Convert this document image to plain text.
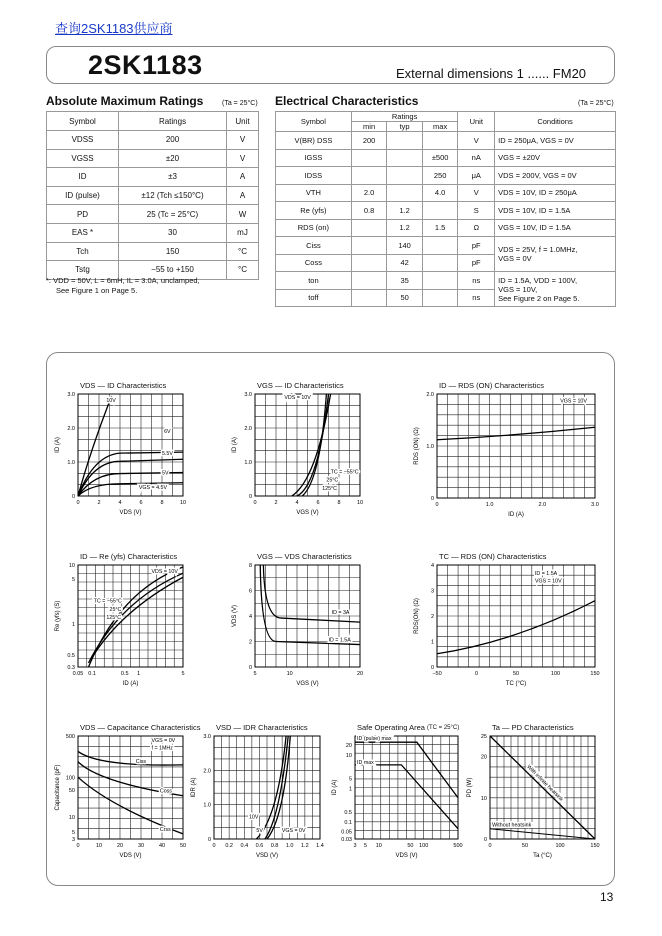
查询2SK1183供应商
2SK1183	External dimensions 1 ...... FM20
Absolute Maximum Ratings	(Ta = 25°C)
Symbol	Ratings	Unit
VDSS	200	V
VGSS	±20	V
ID	±3	A
ID (pulse)	±12 (Tch ≤150°C)	A
PD	25 (Tc = 25°C)	W
EAS *	30	mJ
Tch	150	°C
Tstg	−55 to +150	°C
*: VDD = 50V, L = 6mH, IL = 3.0A, unclamped,
See Figure 1 on Page 5.
Electrical Characteristics	(Ta = 25°C)
Symbol	Ratings			Unit	Conditions
	min	typ	max		
V(BR) DSS	200			V	ID = 250μA, VGS = 0V
IGSS			±500	nA	VGS = ±20V
IDSS			250	μA	VDS = 200V, VGS = 0V
VTH	2.0		4.0	V	VDS = 10V, ID = 250μA
Re (yfs)	0.8	1.2		S	VDS = 10V, ID = 1.5A
RDS (on)		1.2	1.5	Ω	VGS = 10V, ID = 1.5A
Ciss		140		pF	VDS = 25V, f = 1.0MHz,
VGS = 0V

Coss		42		pF	
ton		35		ns	ID = 1.5A, VDD = 100V,
VGS = 10V,
See Figure 2 on Page 5.

toff		50		ns	
0	2	4	6	8	10
0
1.0
2.0
3.0
VDS (V)
ID (A)
10V
6V
5.5V
5V
VGS = 4.5V
VDS — ID Characteristics
0	2	4	6	8	10
0
1.0
2.0
3.0
VGS (V)
ID (A)
VDS = 10V
TC = −55°C
25°C
125°C
VGS — ID Characteristics
0	1.0	2.0	3.0
0
1.0
2.0
ID (A)
RDS (ON) (Ω)
VGS = 10V
ID — RDS (ON) Characteristics
0.05 0.1	0.5 1	5
0.3
0.5
1
5
10
ID (A)
Re (yfs) (S)
VDS = 10V
TC = −55°C
25°C
125°C
ID — Re (yfs) Characteristics
5	10	20
0
2
4
6
8
VGS (V)
VDS (V)	ID = 3A
ID = 1.5A
VGS — VDS Characteristics
−50	0	50	100	150
0
1
2
3
4
TC (°C)
RDS(ON) (Ω)
ID = 1.5A
VGS = 10V
TC — RDS (ON) Characteristics
0	10	20	30	40	50
3
5
10
50
100
500
VDS (V)
Capacitance (pF)
VGS = 0V
f = 1MHz
Ciss
Coss
Crss
VDS — Capacitance Characteristics
0 0.2 0.4 0.6 0.8 1.0 1.2 1.4
0
1.0
2.0
3.0
VSD (V)
IDR (A)
10V
5V	VGS = 0V
VSD — IDR Characteristics
3 5 10	50 100	500
0.03
0.05
0.1
0.5
1
5
10
20
VDS (V)
ID (A)
ID (pulse) max
ID max
Safe Operating Area (TC = 25°C)
0	50	100	150
0
10
20
25
Ta (°C)
PD (W)	With infinite heatsink
Without heatsink
Ta — PD Characteristics
13
